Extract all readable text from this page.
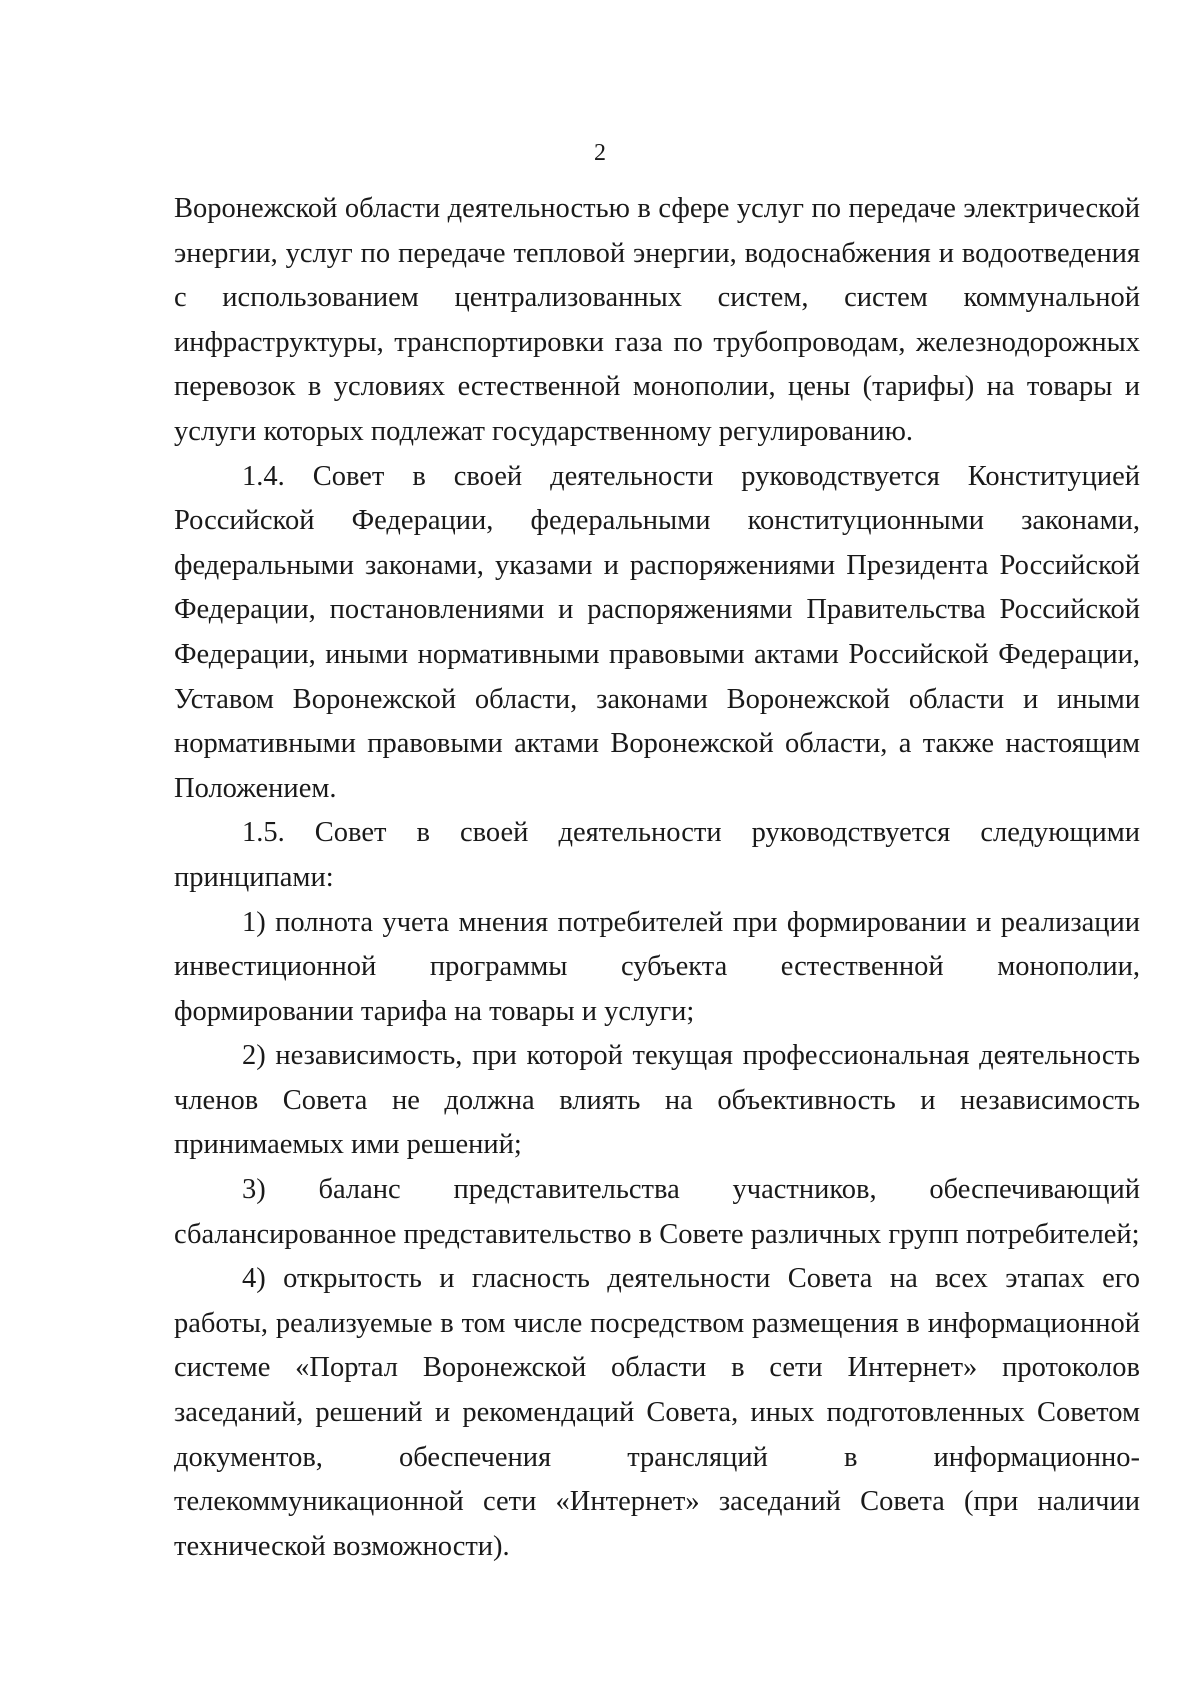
2

Воронежской области деятельностью в сфере услуг по передаче электрической энергии, услуг по передаче тепловой энергии, водоснабжения и водоотведения с использованием централизованных систем, систем коммунальной инфраструктуры, транспортировки газа по трубопроводам, железнодорожных перевозок в условиях естественной монополии, цены (тарифы) на товары и услуги которых подлежат государственному регулированию.

1.4. Совет в своей деятельности руководствуется Конституцией Российской Федерации, федеральными конституционными законами, федеральными законами, указами и распоряжениями Президента Российской Федерации, постановлениями и распоряжениями Правительства Российской Федерации, иными нормативными правовыми актами Российской Федерации, Уставом Воронежской области, законами Воронежской области и иными нормативными правовыми актами Воронежской области, а также настоящим Положением.

1.5. Совет в своей деятельности руководствуется следующими принципами:

1) полнота учета мнения потребителей при формировании и реализации инвестиционной программы субъекта естественной монополии, формировании тарифа на товары и услуги;

2) независимость, при которой текущая профессиональная деятельность членов Совета не должна влиять на объективность и независимость принимаемых ими решений;

3) баланс представительства участников, обеспечивающий сбалансированное представительство в Совете различных групп потребителей;

4) открытость и гласность деятельности Совета на всех этапах его работы, реализуемые в том числе посредством размещения в информационной системе «Портал Воронежской области в сети Интернет» протоколов заседаний, решений и рекомендаций Совета, иных подготовленных Советом документов, обеспечения трансляций в информационно-телекоммуникационной сети «Интернет» заседаний Совета (при наличии технической возможности).
